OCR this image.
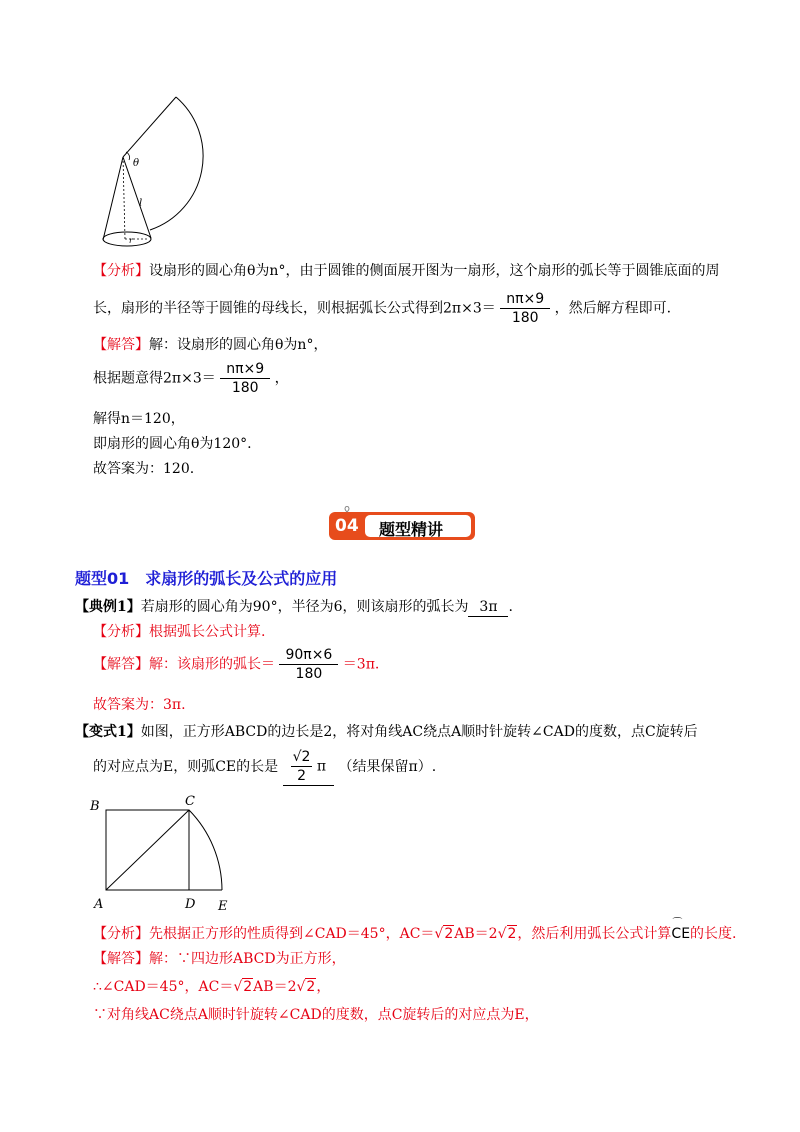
θ
l
r
【分析】设扇形的圆心角θ为n°，由于圆锥的侧面展开图为一扇形，这个扇形的弧长等于圆锥底面的周
长，扇形的半径等于圆锥的母线长，则根据弧长公式得到$2\pi\times 3= \frac{n\pi\times 9}{180}$ ，然后解方程即可.
【解答】解：设扇形的圆心角θ为n°，
根据题意得$2\pi\times 3= \frac{n\pi\times 9}{180}$ ，
解得n＝120，
即扇形的圆心角θ为120°.
故答案为：120.
04 题型精讲
题型01　求扇形的弧长及公式的应用
【典例1】若扇形的圆心角为90°，半径为6，则该扇形的弧长为 3π .
【分析】根据弧长公式计算.
【解答】解：该扇形的弧长＝ $\frac{90\pi\times 6}{180} =3\pi$.
故答案为：3π.
【变式1】如图，正方形ABCD的边长是2，将对角线AC绕点A顺时针旋转∠CAD的度数，点C旋转后
的对应点为E，则弧CE的长是 $\frac{√2}{2}$ π （结果保留π）.
B	C
A	D E
【分析】先根据正方形的性质得到∠CAD＝45°，AC＝√2AB＝2√2，然后利用弧长公式计算
⌒
CE的长度.
【解答】解：∵四边形ABCD为正方形，
∴∠CAD＝45°，AC＝√2AB＝2√2，
∵对角线AC绕点A顺时针旋转∠CAD的度数，点C旋转后的对应点为E，
